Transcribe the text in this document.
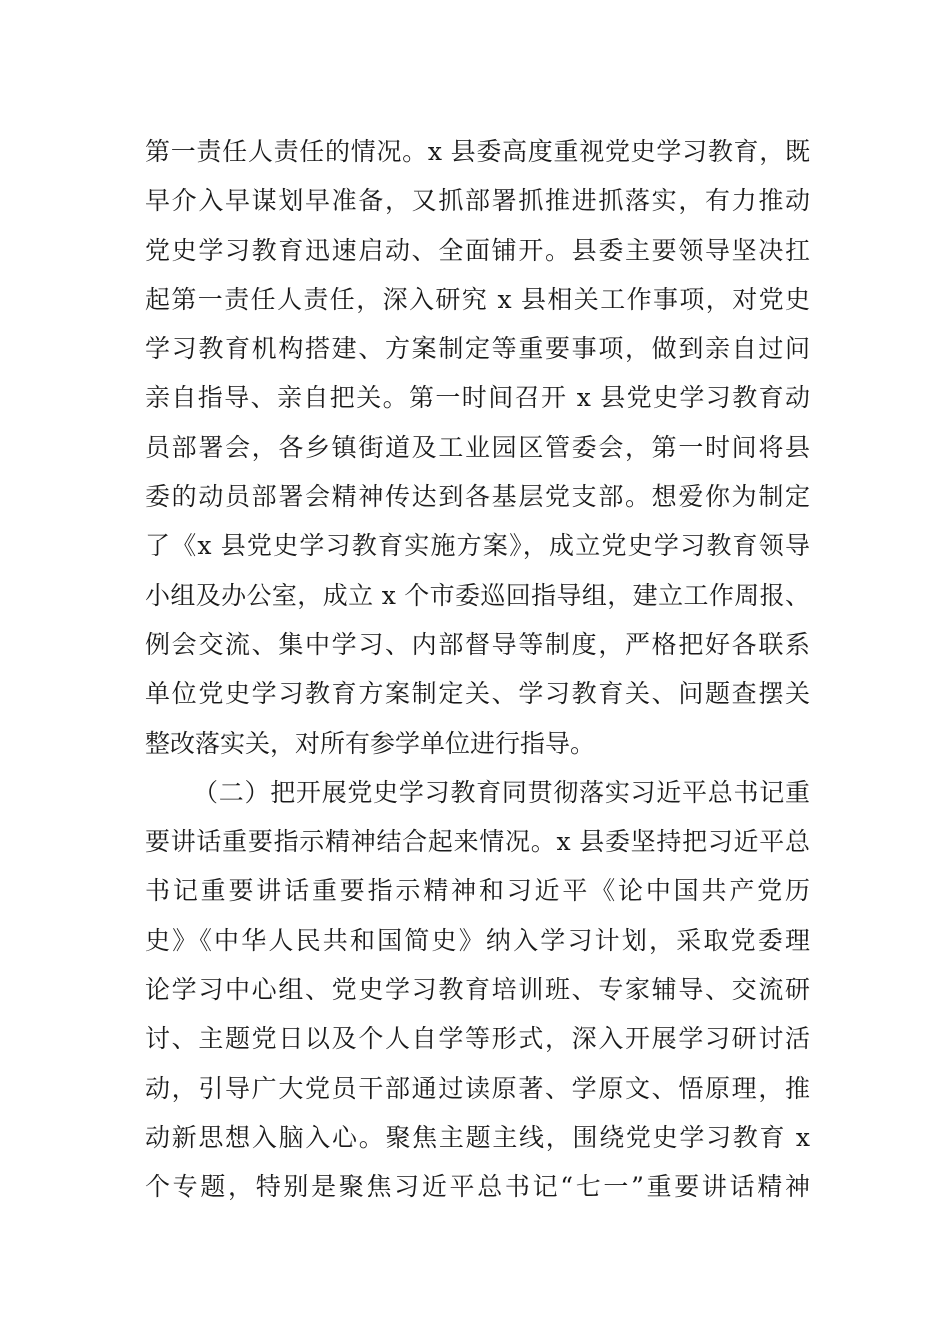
第一责任人责任的情况。x 县委高度重视党史学习教育，既
早介入早谋划早准备，又抓部署抓推进抓落实，有力推动
党史学习教育迅速启动、全面铺开。县委主要领导坚决扛
起第一责任人责任，深入研究 x 县相关工作事项，对党史
学习教育机构搭建、方案制定等重要事项，做到亲自过问
亲自指导、亲自把关。第一时间召开 x 县党史学习教育动
员部署会，各乡镇街道及工业园区管委会，第一时间将县
委的动员部署会精神传达到各基层党支部。想爱你为制定
了《x 县党史学习教育实施方案》，成立党史学习教育领导
小组及办公室，成立 x 个市委巡回指导组，建立工作周报、
例会交流、集中学习、内部督导等制度，严格把好各联系
单位党史学习教育方案制定关、学习教育关、问题查摆关
整改落实关，对所有参学单位进行指导。
（二）把开展党史学习教育同贯彻落实习近平总书记重
要讲话重要指示精神结合起来情况。x 县委坚持把习近平总
书记重要讲话重要指示精神和习近平《论中国共产党历
史》《中华人民共和国简史》纳入学习计划，采取党委理
论学习中心组、党史学习教育培训班、专家辅导、交流研
讨、主题党日以及个人自学等形式，深入开展学习研讨活
动，引导广大党员干部通过读原著、学原文、悟原理，推
动新思想入脑入心。聚焦主题主线，围绕党史学习教育 x
个专题，特别是聚焦习近平总书记“七一”重要讲话精神
